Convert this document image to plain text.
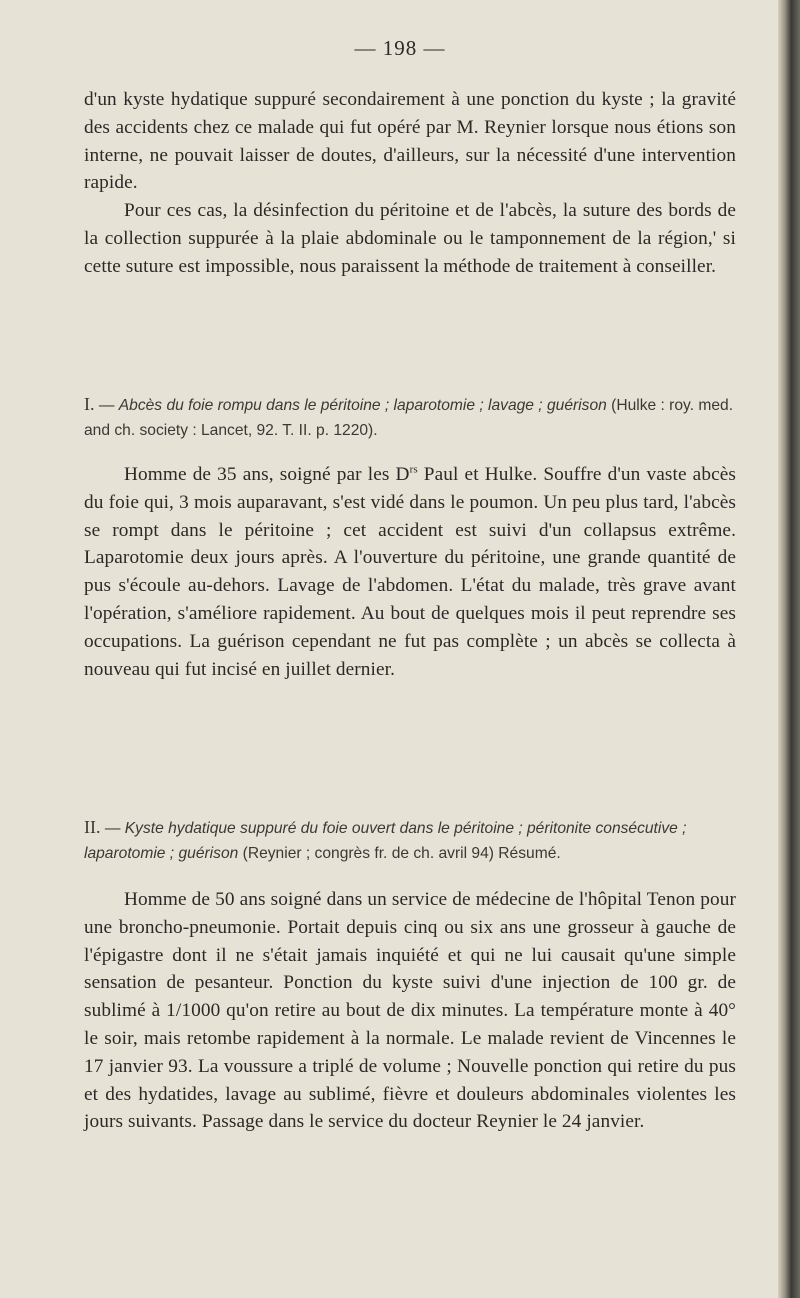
— 198 —

d'un kyste hydatique suppuré secondairement à une ponction du kyste ; la gravité des accidents chez ce malade qui fut opéré par M. Reynier lorsque nous étions son interne, ne pouvait laisser de doutes, d'ailleurs, sur la nécessité d'une intervention rapide.

Pour ces cas, la désinfection du péritoine et de l'abcès, la suture des bords de la collection suppurée à la plaie abdominale ou le tamponnement de la région,' si cette suture est impossible, nous paraissent la méthode de traitement à conseiller.

I. — Abcès du foie rompu dans le péritoine ; laparotomie ; lavage ; guérison (Hulke : roy. med. and ch. society : Lancet, 92. T. II. p. 1220).

Homme de 35 ans, soigné par les $D^{rs}$ Paul et Hulke. Souffre d'un vaste abcès du foie qui, 3 mois auparavant, s'est vidé dans le poumon. Un peu plus tard, l'abcès se rompt dans le péritoine ; cet accident est suivi d'un collapsus extrême. Laparotomie deux jours après. A l'ouverture du péritoine, une grande quantité de pus s'écoule au-dehors. Lavage de l'abdomen. L'état du malade, très grave avant l'opération, s'améliore rapidement. Au bout de quelques mois il peut reprendre ses occupations. La guérison cependant ne fut pas complète ; un abcès se collecta à nouveau qui fut incisé en juillet dernier.

II. — Kyste hydatique suppuré du foie ouvert dans le péritoine ; péritonite consécutive ; laparotomie ; guérison (Reynier ; congrès fr. de ch. avril 94) Résumé.

Homme de 50 ans soigné dans un service de médecine de l'hôpital Tenon pour une broncho-pneumonie. Portait depuis cinq ou six ans une grosseur à gauche de l'épigastre dont il ne s'était jamais inquiété et qui ne lui causait qu'une simple sensation de pesanteur. Ponction du kyste suivi d'une injection de 100 gr. de sublimé à 1/1000 qu'on retire au bout de dix minutes. La température monte à 40° le soir, mais retombe rapidement à la normale. Le malade revient de Vincennes le 17 janvier 93. La voussure a triplé de volume ; Nouvelle ponction qui retire du pus et des hydatides, lavage au sublimé, fièvre et douleurs abdominales violentes les jours suivants. Passage dans le service du docteur Reynier le 24 janvier.
